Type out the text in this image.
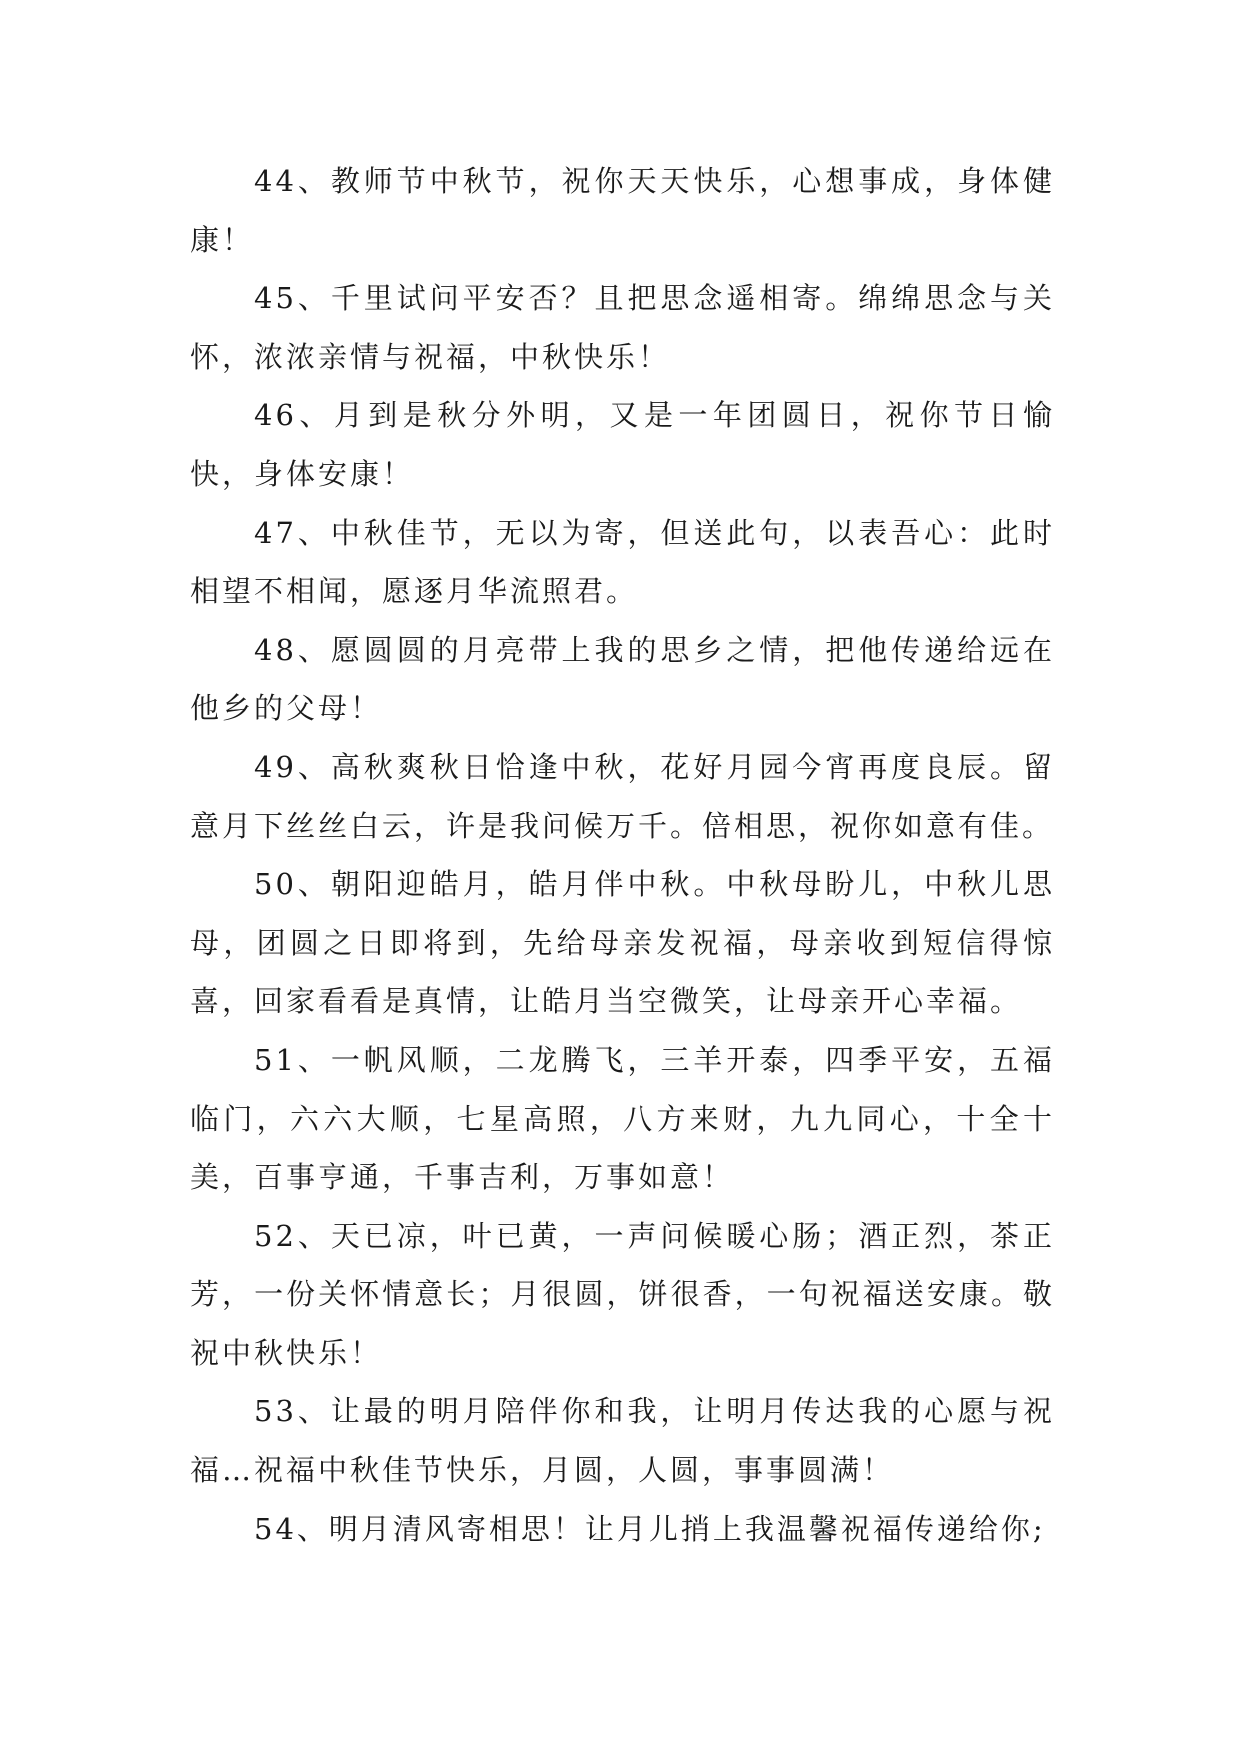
44、教师节中秋节，祝你天天快乐，心想事成，身体健康！

45、千里试问平安否？且把思念遥相寄。绵绵思念与关怀，浓浓亲情与祝福，中秋快乐！

46、月到是秋分外明，又是一年团圆日，祝你节日愉快，身体安康！

47、中秋佳节，无以为寄，但送此句，以表吾心：此时相望不相闻，愿逐月华流照君。

48、愿圆圆的月亮带上我的思乡之情，把他传递给远在他乡的父母！

49、高秋爽秋日恰逢中秋，花好月园今宵再度良辰。留意月下丝丝白云，许是我问候万千。倍相思，祝你如意有佳。

50、朝阳迎皓月，皓月伴中秋。中秋母盼儿，中秋儿思母，团圆之日即将到，先给母亲发祝福，母亲收到短信得惊喜，回家看看是真情，让皓月当空微笑，让母亲开心幸福。

51、一帆风顺，二龙腾飞，三羊开泰，四季平安，五福临门，六六大顺，七星高照，八方来财，九九同心，十全十美，百事亨通，千事吉利，万事如意！

52、天已凉，叶已黄，一声问候暖心肠；酒正烈，茶正芳，一份关怀情意长；月很圆，饼很香，一句祝福送安康。敬祝中秋快乐！

53、让最的明月陪伴你和我，让明月传达我的心愿与祝福…祝福中秋佳节快乐，月圆，人圆，事事圆满！

54、明月清风寄相思！让月儿捎上我温馨祝福传递给你;
